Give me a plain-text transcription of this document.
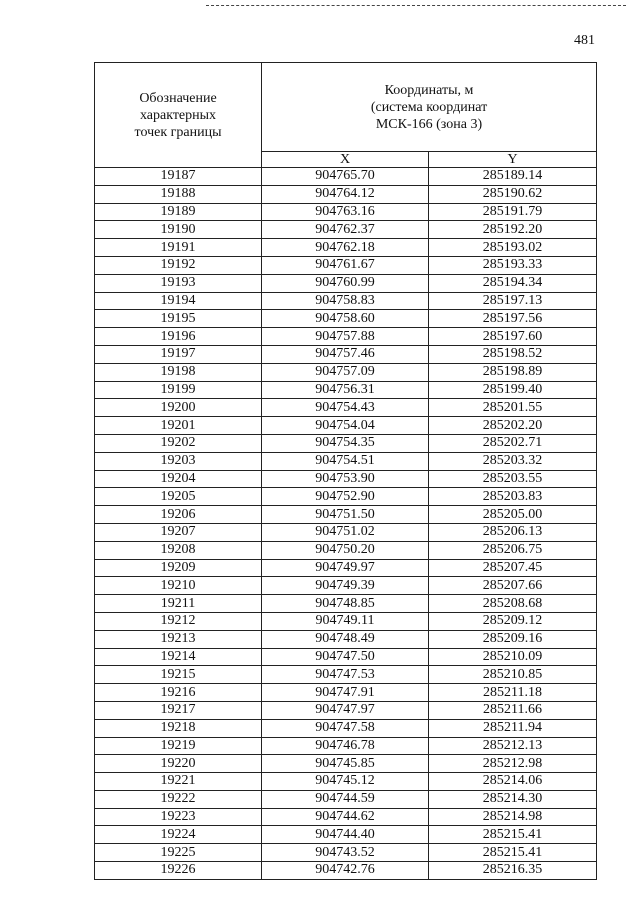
481
Обозначение
характерных
точек границы	Координаты, м
(система координат
МСК-166 (зона 3)	
	X	Y
19187	904765.70	285189.14
19188	904764.12	285190.62
19189	904763.16	285191.79
19190	904762.37	285192.20
19191	904762.18	285193.02
19192	904761.67	285193.33
19193	904760.99	285194.34
19194	904758.83	285197.13
19195	904758.60	285197.56
19196	904757.88	285197.60
19197	904757.46	285198.52
19198	904757.09	285198.89
19199	904756.31	285199.40
19200	904754.43	285201.55
19201	904754.04	285202.20
19202	904754.35	285202.71
19203	904754.51	285203.32
19204	904753.90	285203.55
19205	904752.90	285203.83
19206	904751.50	285205.00
19207	904751.02	285206.13
19208	904750.20	285206.75
19209	904749.97	285207.45
19210	904749.39	285207.66
19211	904748.85	285208.68
19212	904749.11	285209.12
19213	904748.49	285209.16
19214	904747.50	285210.09
19215	904747.53	285210.85
19216	904747.91	285211.18
19217	904747.97	285211.66
19218	904747.58	285211.94
19219	904746.78	285212.13
19220	904745.85	285212.98
19221	904745.12	285214.06
19222	904744.59	285214.30
19223	904744.62	285214.98
19224	904744.40	285215.41
19225	904743.52	285215.41
19226	904742.76	285216.35
